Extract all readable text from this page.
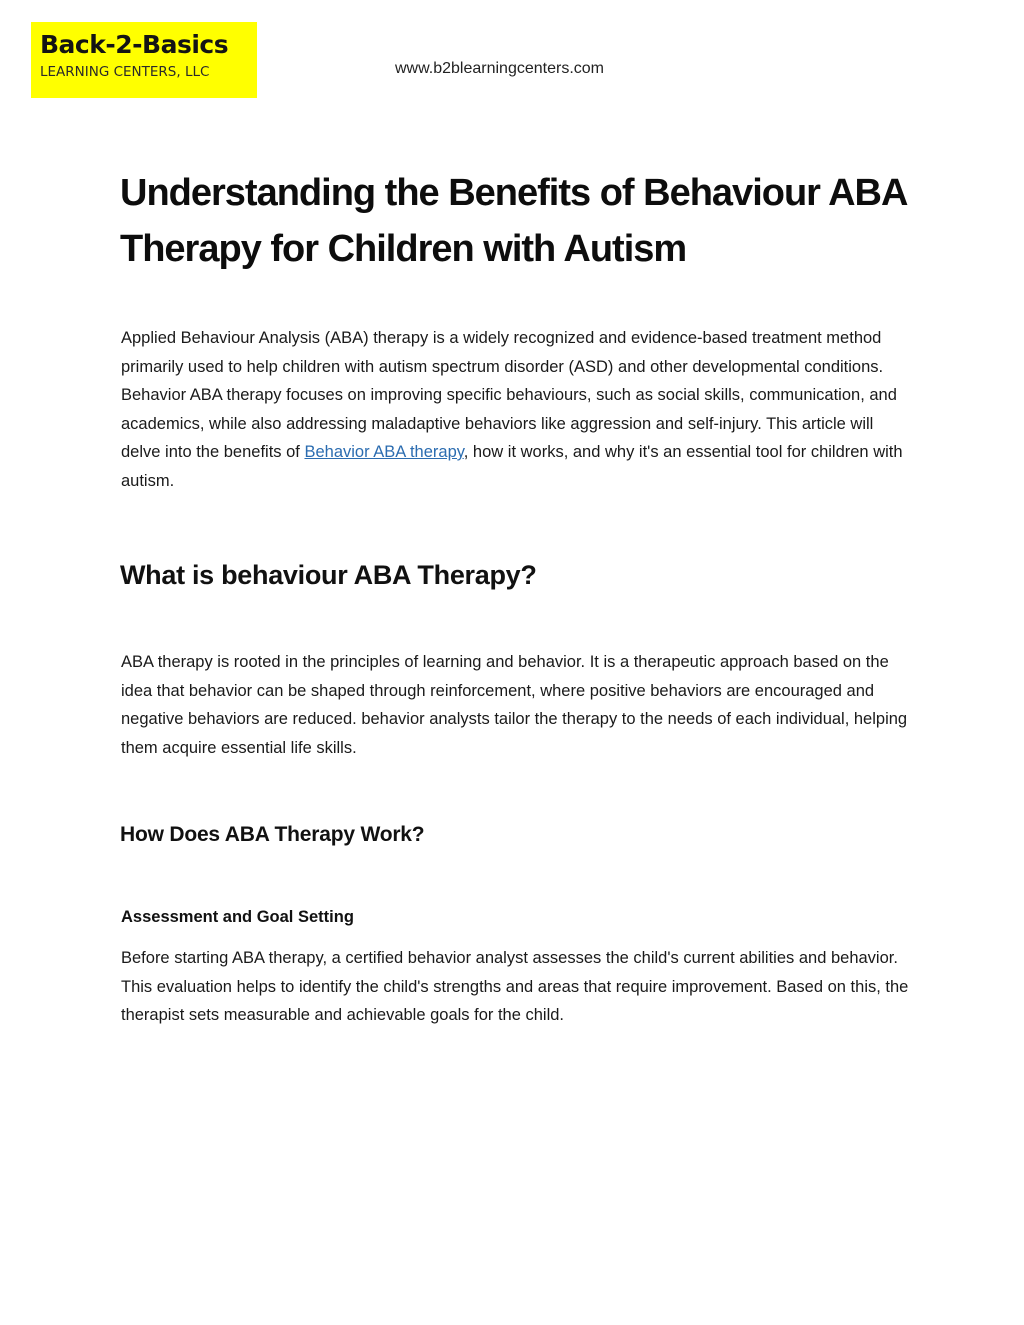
Back-2-Basics
LEARNING CENTERS, LLC	www.b2blearningcenters.com
Understanding the Benefits of Behaviour ABA Therapy for Children with Autism

Applied Behaviour Analysis (ABA) therapy is a widely recognized and evidence-based treatment method primarily used to help children with autism spectrum disorder (ASD) and other developmental conditions. Behavior ABA therapy focuses on improving specific behaviours, such as social skills, communication, and academics, while also addressing maladaptive behaviors like aggression and self-injury. This article will delve into the benefits of Behavior ABA therapy, how it works, and why it's an essential tool for children with autism.

What is behaviour ABA Therapy?

ABA therapy is rooted in the principles of learning and behavior. It is a therapeutic approach based on the idea that behavior can be shaped through reinforcement, where positive behaviors are encouraged and negative behaviors are reduced. behavior analysts tailor the therapy to the needs of each individual, helping them acquire essential life skills.

How Does ABA Therapy Work?
Assessment and Goal Setting

Before starting ABA therapy, a certified behavior analyst assesses the child's current abilities and behavior. This evaluation helps to identify the child's strengths and areas that require improvement. Based on this, the therapist sets measurable and achievable goals for the child.
